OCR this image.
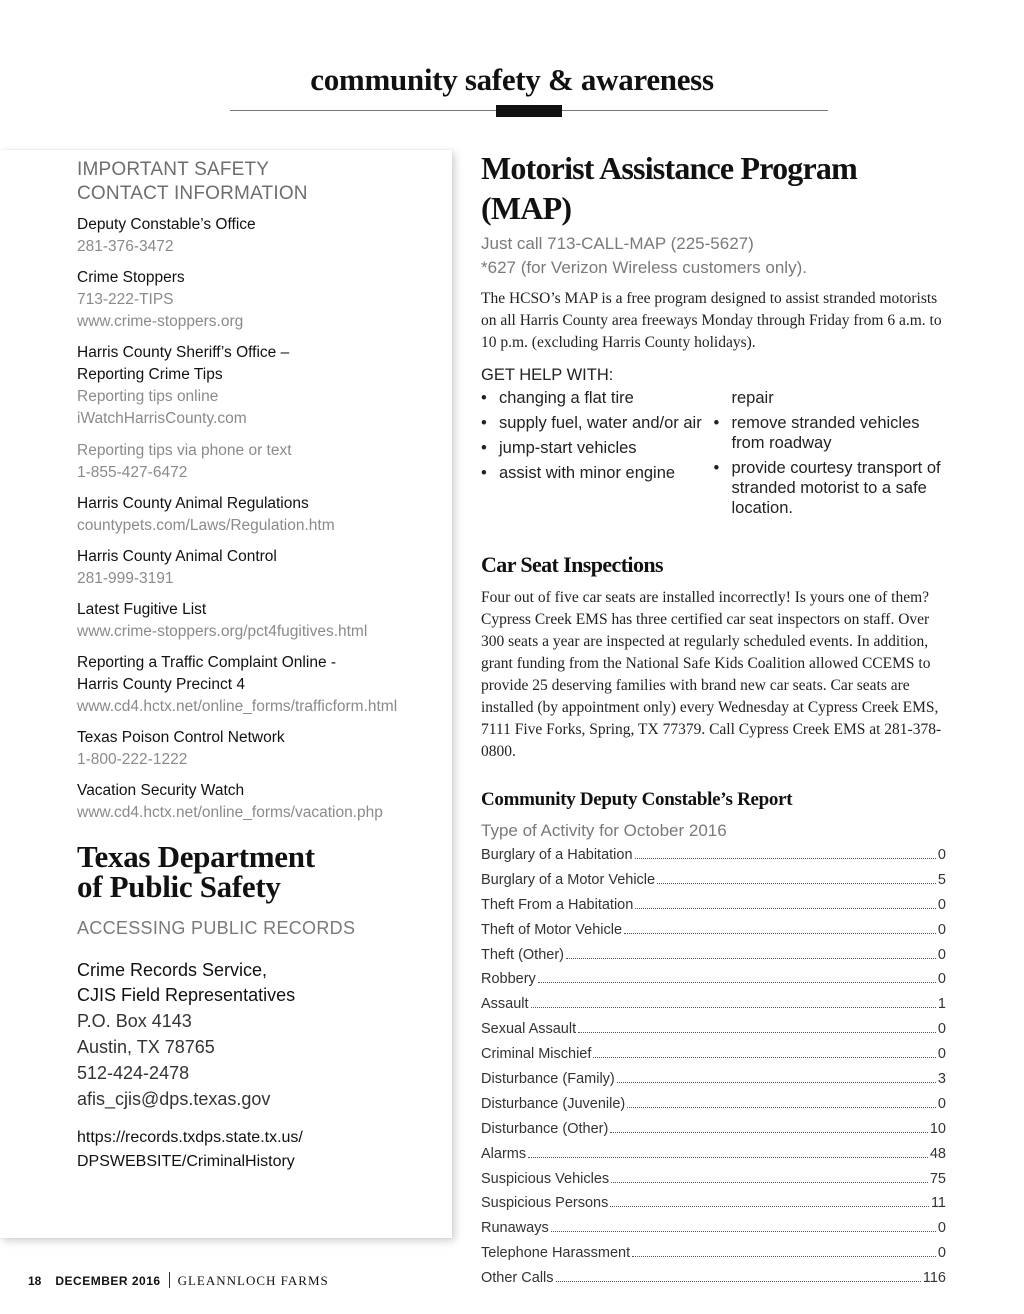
community safety & awareness
IMPORTANT SAFETY
CONTACT INFORMATION
Deputy Constable’s Office
281-376-3472
Crime Stoppers
713-222-TIPS
www.crime-stoppers.org
Harris County Sheriff’s Office –
Reporting Crime Tips
Reporting tips online
iWatchHarrisCounty.com
Reporting tips via phone or text
1-855-427-6472
Harris County Animal Regulations
countypets.com/Laws/Regulation.htm
Harris County Animal Control
281-999-3191
Latest Fugitive List
www.crime-stoppers.org/pct4fugitives.html
Reporting a Traffic Complaint Online -
Harris County Precinct 4
www.cd4.hctx.net/online_forms/trafficform.html
Texas Poison Control Network
1-800-222-1222
Vacation Security Watch
www.cd4.hctx.net/online_forms/vacation.php
Texas Department
of Public Safety
ACCESSING PUBLIC RECORDS
Crime Records Service,
CJIS Field Representatives
P.O. Box 4143
Austin, TX 78765
512-424-2478
afis_cjis@dps.texas.gov
https://records.txdps.state.tx.us/
DPSWEBSITE/CriminalHistory
Motorist Assistance Program (MAP)
Just call 713-CALL-MAP (225-5627)
*627 (for Verizon Wireless customers only).
The HCSO’s MAP is a free program designed to assist stranded motorists on all Harris County area freeways Monday through Friday from 6 a.m. to 10 p.m. (excluding Harris County holidays).
GET HELP WITH:
• changing a flat tire
• supply fuel, water and/or air
• jump-start vehicles
• assist with minor engine
repair
• remove stranded vehicles from roadway
• provide courtesy transport of stranded motorist to a safe location.
Car Seat Inspections
Four out of five car seats are installed incorrectly! Is yours one of them? Cypress Creek EMS has three certified car seat inspectors on staff. Over 300 seats a year are inspected at regularly scheduled events. In addition, grant funding from the National Safe Kids Coalition allowed CCEMS to provide 25 deserving families with brand new car seats. Car seats are installed (by appointment only) every Wednesday at Cypress Creek EMS, 7111 Five Forks, Spring, TX 77379. Call Cypress Creek EMS at 281-378-0800.
Community Deputy Constable’s Report
Type of Activity for October 2016
Burglary of a Habitation	0
Burglary of a Motor Vehicle	5
Theft From a Habitation	0
Theft of Motor Vehicle	0
Theft (Other)	0
Robbery	0
Assault	1
Sexual Assault	0
Criminal Mischief	0
Disturbance (Family)	3
Disturbance (Juvenile)	0
Disturbance (Other)	10
Alarms	48
Suspicious Vehicles	75
Suspicious Persons	11
Runaways	0
Telephone Harassment	0
Other Calls	116
18 DECEMBER 2016 GLEANNLOCH FARMS
